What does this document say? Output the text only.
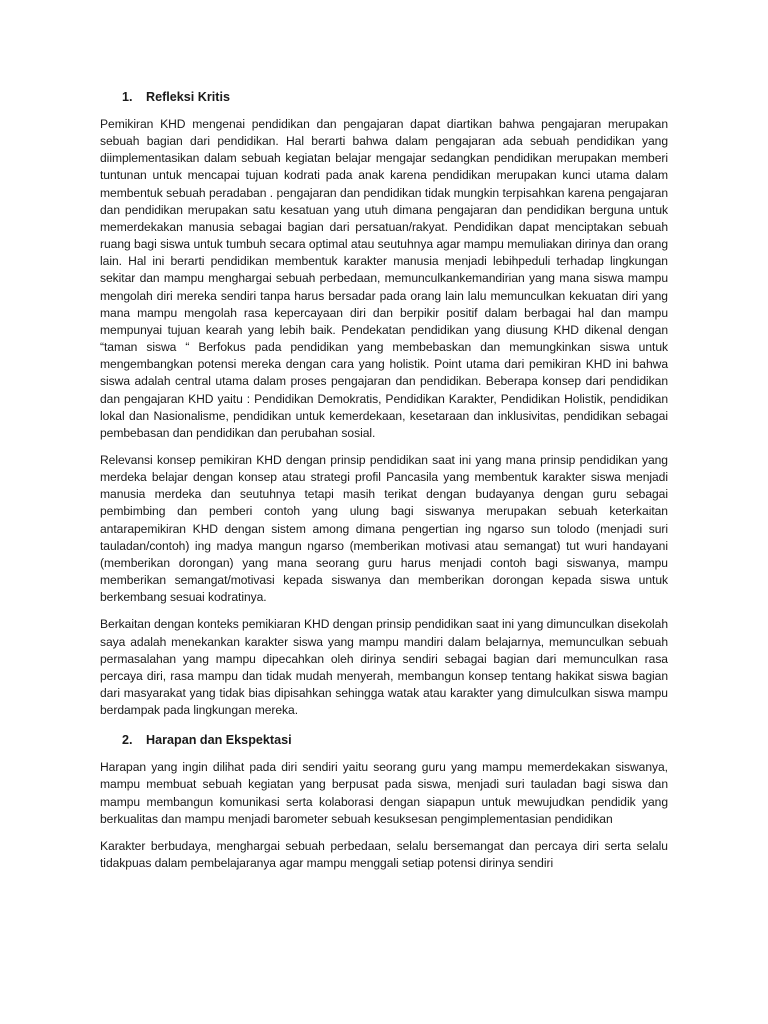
1.	Refleksi Kritis

Pemikiran KHD mengenai pendidikan dan pengajaran dapat diartikan bahwa pengajaran merupakan sebuah bagian dari pendidikan. Hal berarti bahwa dalam pengajaran ada sebuah pendidikan yang diimplementasikan dalam sebuah kegiatan belajar mengajar sedangkan pendidikan merupakan memberi tuntunan untuk mencapai tujuan kodrati pada anak karena pendidikan merupakan kunci utama dalam membentuk sebuah peradaban . pengajaran dan pendidikan tidak mungkin terpisahkan karena pengajaran dan pendidikan merupakan satu kesatuan yang utuh dimana pengajaran dan pendidikan berguna untuk memerdekakan manusia sebagai bagian dari persatuan/rakyat. Pendidikan dapat menciptakan sebuah ruang bagi siswa untuk tumbuh secara optimal atau seutuhnya agar mampu memuliakan dirinya dan orang lain. Hal ini berarti pendidikan membentuk karakter manusia menjadi lebihpeduli terhadap lingkungan sekitar dan mampu menghargai sebuah perbedaan, memunculkankemandirian yang mana siswa mampu mengolah diri mereka sendiri tanpa harus bersadar pada orang lain lalu memunculkan kekuatan diri yang mana mampu mengolah rasa kepercayaan diri dan berpikir positif dalam berbagai hal dan mampu mempunyai tujuan kearah yang lebih baik. Pendekatan pendidikan yang diusung KHD dikenal dengan “taman siswa “ Berfokus pada pendidikan yang membebaskan dan memungkinkan siswa untuk mengembangkan potensi mereka dengan cara yang holistik. Point utama dari pemikiran KHD ini bahwa siswa adalah central utama dalam proses pengajaran dan pendidikan. Beberapa konsep dari pendidikan dan pengajaran KHD yaitu : Pendidikan Demokratis, Pendidikan Karakter, Pendidikan Holistik, pendidikan lokal dan Nasionalisme, pendidikan untuk kemerdekaan, kesetaraan dan inklusivitas, pendidikan sebagai pembebasan dan pendidikan dan perubahan sosial.

Relevansi konsep pemikiran KHD dengan prinsip pendidikan saat ini yang mana prinsip pendidikan yang merdeka belajar dengan konsep atau strategi profil Pancasila yang membentuk karakter siswa menjadi manusia merdeka dan seutuhnya tetapi masih terikat dengan budayanya dengan guru sebagai pembimbing dan pemberi contoh yang ulung bagi siswanya merupakan sebuah keterkaitan antarapemikiran KHD dengan sistem among dimana pengertian ing ngarso sun tolodo (menjadi suri tauladan/contoh) ing madya mangun ngarso (memberikan motivasi atau semangat) tut wuri handayani (memberikan dorongan) yang mana seorang guru harus menjadi contoh bagi siswanya, mampu memberikan semangat/motivasi kepada siswanya dan memberikan dorongan kepada siswa untuk berkembang sesuai kodratinya.

Berkaitan dengan konteks pemikiaran KHD dengan prinsip pendidikan saat ini yang dimunculkan disekolah saya adalah menekankan karakter siswa yang mampu mandiri dalam belajarnya, memunculkan sebuah permasalahan yang mampu dipecahkan oleh dirinya sendiri sebagai bagian dari memunculkan rasa percaya diri, rasa mampu dan tidak mudah menyerah, membangun konsep tentang hakikat siswa bagian dari masyarakat yang tidak bias dipisahkan sehingga watak atau karakter yang dimulculkan siswa mampu berdampak pada lingkungan mereka.

2.	Harapan dan Ekspektasi

Harapan yang ingin dilihat pada diri sendiri yaitu seorang guru yang mampu memerdekakan siswanya, mampu membuat sebuah kegiatan yang berpusat pada siswa, menjadi suri tauladan bagi siswa dan mampu membangun komunikasi serta kolaborasi dengan siapapun untuk mewujudkan pendidik yang berkualitas dan mampu menjadi barometer sebuah kesuksesan pengimplementasian pendidikan

Karakter berbudaya, menghargai sebuah perbedaan, selalu bersemangat dan percaya diri serta selalu tidakpuas dalam pembelajaranya agar mampu menggali setiap potensi dirinya sendiri
